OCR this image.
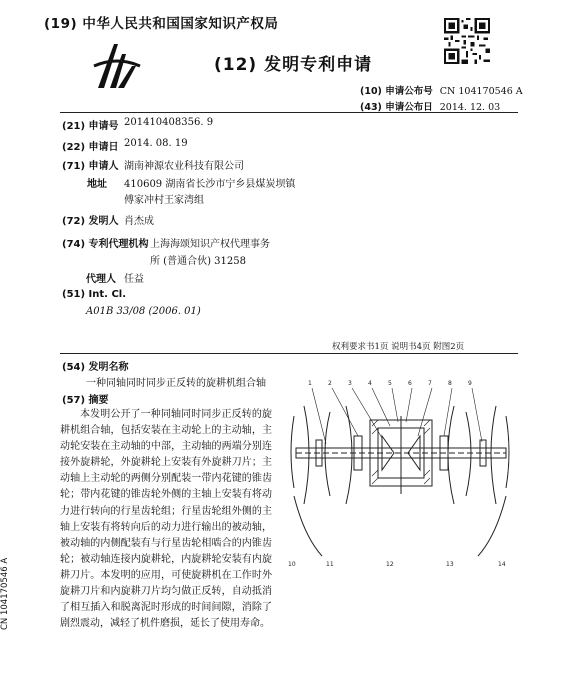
(19) 中华人民共和国国家知识产权局
(12) 发明专利申请
(10) 申请公布号 CN 104170546 A
(43) 申请公布日 2014. 12. 03
(21) 申请号 201410408356. 9
(22) 申请日 2014. 08. 19
(71) 申请人 湖南神源农业科技有限公司
地址 410609 湖南省长沙市宁乡县煤炭坝镇
傅家冲村王家湾组
(72) 发明人 肖杰成
(74) 专利代理机构 上海海颂知识产权代理事务
所 (普通合伙) 31258
代理人 任益
(51) Int. Cl.
A01B 33/08 (2006. 01)
权利要求书1页 说明书4页 附图2页
(54) 发明名称
一种同轴同时同步正反转的旋耕机组合轴
(57) 摘要
本发明公开了一种同轴同时同步正反转的旋耕机组合轴，包括安装在主动轮上的主动轴，主动轮安装在主动轴的中部，主动轴的两端分别连接外旋耕轮，外旋耕轮上安装有外旋耕刀片；主动轴上主动轮的两侧分别配装一带内花键的锥齿轮；带内花键的锥齿轮外侧的主轴上安装有将动力进行转向的行星齿轮组；行星齿轮组外侧的主轴上安装有将转向后的动力进行输出的被动轴，被动轴的内侧配装有与行星齿轮相啮合的内锥齿轮；被动轴连接内旋耕轮，内旋耕轮安装有内旋耕刀片。本发明的应用，可使旋耕机在工作时外旋耕刀片和内旋耕刀片均匀做正反转，自动抵消了相互插入和脱离泥时形成的时间间隙，消除了剧烈震动，减轻了机件磨损，延长了使用寿命。
CN 104170546 A
1	2	3	4	5	6	7	8	9
10	11	12	13	14
